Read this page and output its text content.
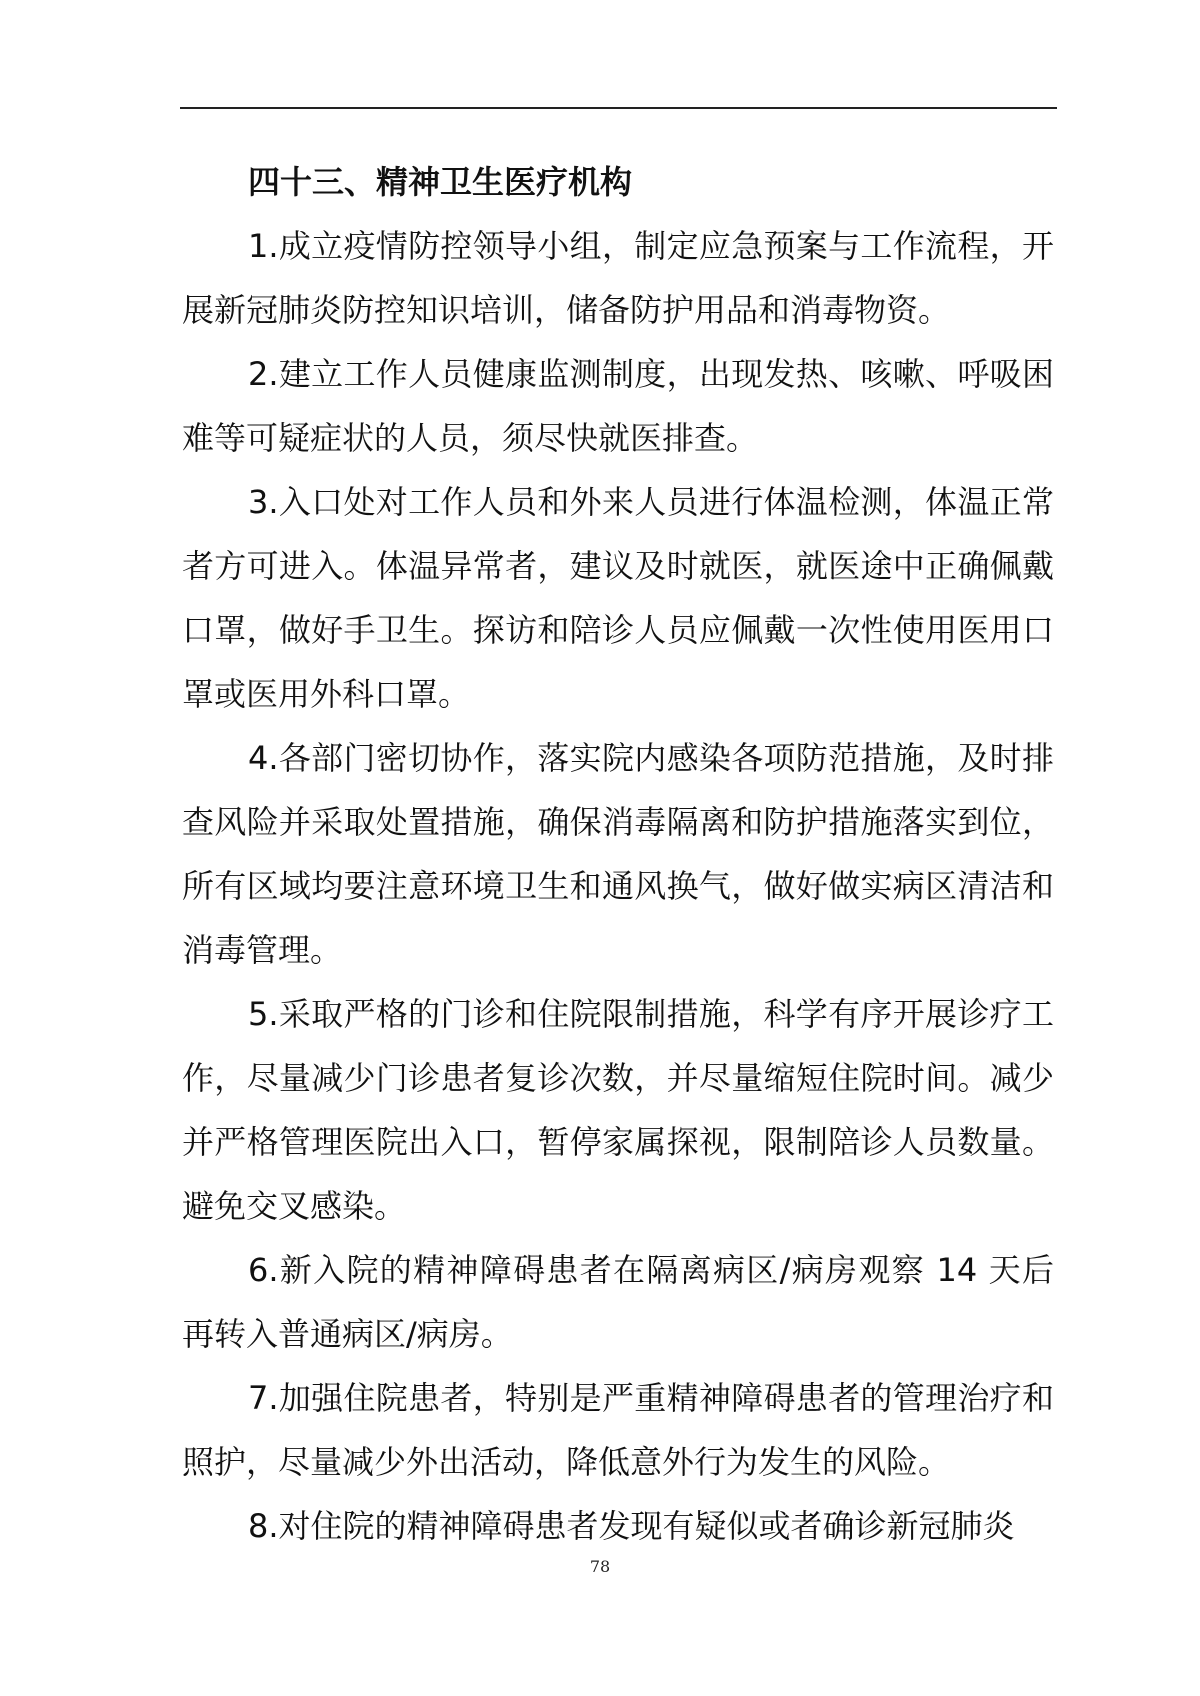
四十三、精神卫生医疗机构

1.成立疫情防控领导小组，制定应急预案与工作流程，开展新冠肺炎防控知识培训，储备防护用品和消毒物资。

2.建立工作人员健康监测制度，出现发热、咳嗽、呼吸困难等可疑症状的人员，须尽快就医排查。

3.入口处对工作人员和外来人员进行体温检测，体温正常者方可进入。体温异常者，建议及时就医，就医途中正确佩戴口罩，做好手卫生。探访和陪诊人员应佩戴一次性使用医用口罩或医用外科口罩。

4.各部门密切协作，落实院内感染各项防范措施，及时排查风险并采取处置措施，确保消毒隔离和防护措施落实到位，所有区域均要注意环境卫生和通风换气，做好做实病区清洁和消毒管理。

5.采取严格的门诊和住院限制措施，科学有序开展诊疗工作，尽量减少门诊患者复诊次数，并尽量缩短住院时间。减少并严格管理医院出入口，暂停家属探视，限制陪诊人员数量。避免交叉感染。

6.新入院的精神障碍患者在隔离病区/病房观察 14 天后再转入普通病区/病房。

7.加强住院患者，特别是严重精神障碍患者的管理治疗和照护，尽量减少外出活动，降低意外行为发生的风险。

8.对住院的精神障碍患者发现有疑似或者确诊新冠肺炎

78
